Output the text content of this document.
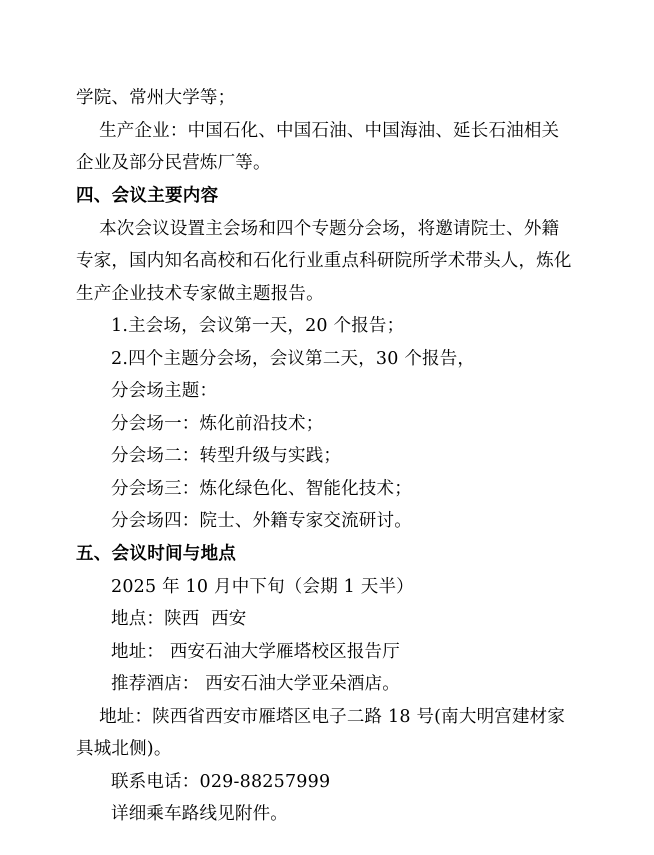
学院、常州大学等；

生产企业：中国石化、中国石油、中国海油、延长石油相关

企业及部分民营炼厂等。

四、会议主要内容

本次会议设置主会场和四个专题分会场，将邀请院士、外籍

专家，国内知名高校和石化行业重点科研院所学术带头人，炼化

生产企业技术专家做主题报告。

1.主会场，会议第一天，20 个报告；

2.四个主题分会场，会议第二天，30 个报告，

分会场主题：

分会场一：炼化前沿技术；

分会场二：转型升级与实践；

分会场三：炼化绿色化、智能化技术；

分会场四：院士、外籍专家交流研讨。

五、会议时间与地点

2025 年 10 月中下旬（会期 1 天半）

地点：陕西  西安

地址： 西安石油大学雁塔校区报告厅

推荐酒店： 西安石油大学亚朵酒店。

地址：陕西省西安市雁塔区电子二路 18 号(南大明宫建材家

具城北侧)。

联系电话：029-88257999

详细乘车路线见附件。
